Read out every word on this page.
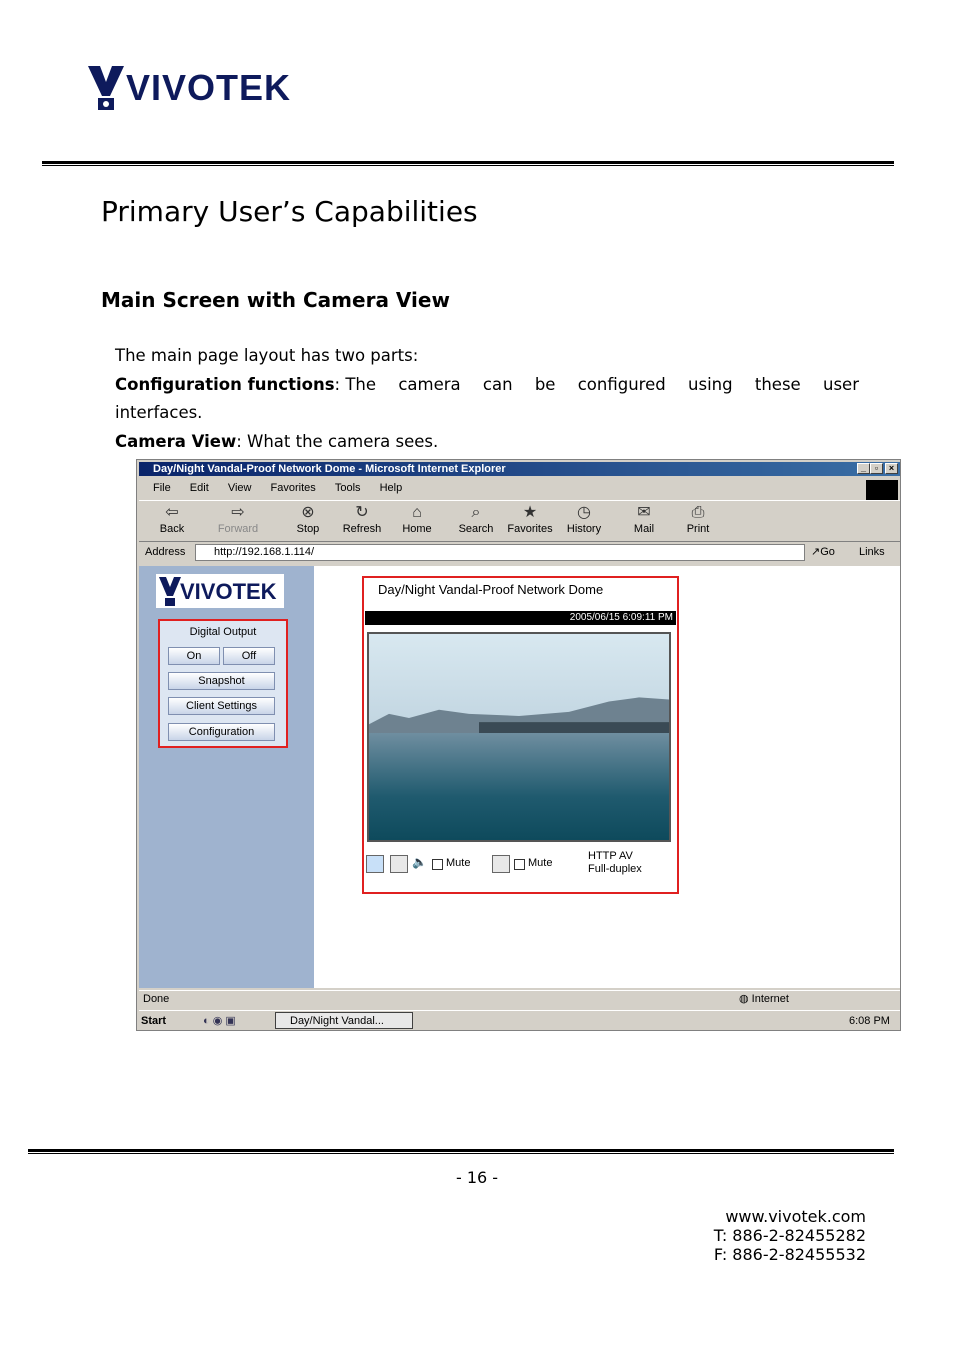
VIVOTEK
Primary User’s Capabilities
Main Screen with Camera View
The main page layout has two parts:
Configuration functions: The camera can be configured using these user
interfaces.
Camera View: What the camera sees.
Day/Night Vandal-Proof Network Dome - Microsoft Internet Explorer	_ ▫	×
File Edit View Favorites Tools Help
⇦
Back
⇨
Forward
⊗
Stop
↻
Refresh
⌂
Home
⌕
Search
★
Favorites
◷
History
✉
Mail
⎙
Print
Address	http://192.168.1.114/	↗Go Links
VIVOTEK
Digital Output
On	Off
Snapshot
Client Settings
Configuration
Day/Night Vandal-Proof Network Dome
2005/06/15 6:09:11 PM
🔈 Mute	Mute
HTTP AV
Full-duplex
Done	◍ Internet
Start	◐ ◉ ▣	Day/Night Vandal...	6:08 PM
- 16 -
www.vivotek.com
T: 886-2-82455282
F: 886-2-82455532
